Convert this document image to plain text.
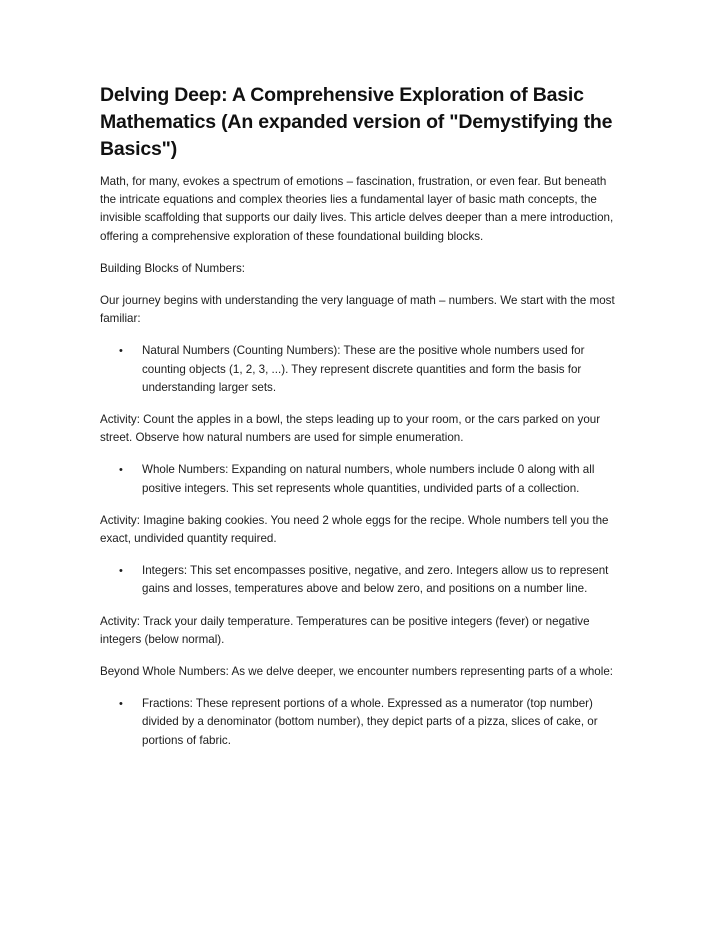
Delving Deep: A Comprehensive Exploration of Basic Mathematics (An expanded version of "Demystifying the Basics")

Math, for many, evokes a spectrum of emotions – fascination, frustration, or even fear. But beneath the intricate equations and complex theories lies a fundamental layer of basic math concepts, the invisible scaffolding that supports our daily lives. This article delves deeper than a mere introduction, offering a comprehensive exploration of these foundational building blocks.

Building Blocks of Numbers:

Our journey begins with understanding the very language of math – numbers. We start with the most familiar:

• Natural Numbers (Counting Numbers): These are the positive whole numbers used for counting objects (1, 2, 3, ...). They represent discrete quantities and form the basis for understanding larger sets.

Activity: Count the apples in a bowl, the steps leading up to your room, or the cars parked on your street. Observe how natural numbers are used for simple enumeration.

• Whole Numbers: Expanding on natural numbers, whole numbers include 0 along with all positive integers. This set represents whole quantities, undivided parts of a collection.

Activity: Imagine baking cookies. You need 2 whole eggs for the recipe. Whole numbers tell you the exact, undivided quantity required.

• Integers: This set encompasses positive, negative, and zero. Integers allow us to represent gains and losses, temperatures above and below zero, and positions on a number line.

Activity: Track your daily temperature. Temperatures can be positive integers (fever) or negative integers (below normal).

Beyond Whole Numbers: As we delve deeper, we encounter numbers representing parts of a whole:

• Fractions: These represent portions of a whole. Expressed as a numerator (top number) divided by a denominator (bottom number), they depict parts of a pizza, slices of cake, or portions of fabric.
